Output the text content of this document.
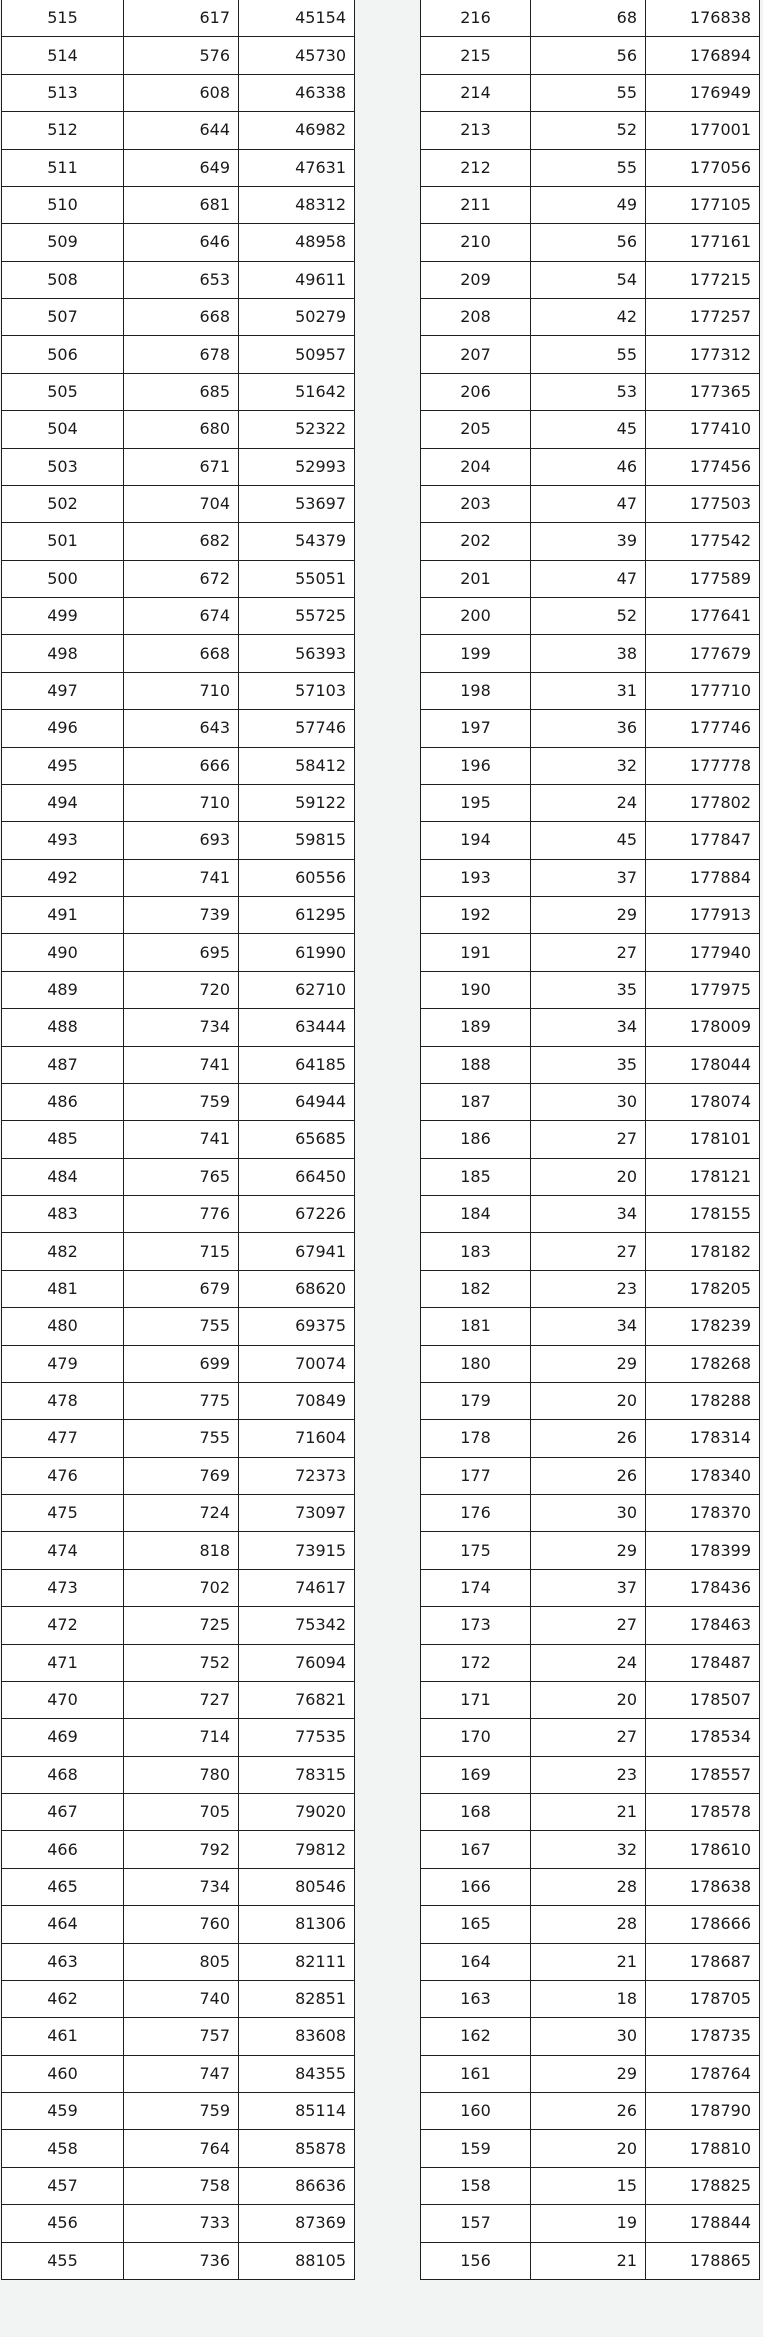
515	617	45154
514	576	45730
513	608	46338
512	644	46982
511	649	47631
510	681	48312
509	646	48958
508	653	49611
507	668	50279
506	678	50957
505	685	51642
504	680	52322
503	671	52993
502	704	53697
501	682	54379
500	672	55051
499	674	55725
498	668	56393
497	710	57103
496	643	57746
495	666	58412
494	710	59122
493	693	59815
492	741	60556
491	739	61295
490	695	61990
489	720	62710
488	734	63444
487	741	64185
486	759	64944
485	741	65685
484	765	66450
483	776	67226
482	715	67941
481	679	68620
480	755	69375
479	699	70074
478	775	70849
477	755	71604
476	769	72373
475	724	73097
474	818	73915
473	702	74617
472	725	75342
471	752	76094
470	727	76821
469	714	77535
468	780	78315
467	705	79020
466	792	79812
465	734	80546
464	760	81306
463	805	82111
462	740	82851
461	757	83608
460	747	84355
459	759	85114
458	764	85878
457	758	86636
456	733	87369
455	736	88105
216	68	176838
215	56	176894
214	55	176949
213	52	177001
212	55	177056
211	49	177105
210	56	177161
209	54	177215
208	42	177257
207	55	177312
206	53	177365
205	45	177410
204	46	177456
203	47	177503
202	39	177542
201	47	177589
200	52	177641
199	38	177679
198	31	177710
197	36	177746
196	32	177778
195	24	177802
194	45	177847
193	37	177884
192	29	177913
191	27	177940
190	35	177975
189	34	178009
188	35	178044
187	30	178074
186	27	178101
185	20	178121
184	34	178155
183	27	178182
182	23	178205
181	34	178239
180	29	178268
179	20	178288
178	26	178314
177	26	178340
176	30	178370
175	29	178399
174	37	178436
173	27	178463
172	24	178487
171	20	178507
170	27	178534
169	23	178557
168	21	178578
167	32	178610
166	28	178638
165	28	178666
164	21	178687
163	18	178705
162	30	178735
161	29	178764
160	26	178790
159	20	178810
158	15	178825
157	19	178844
156	21	178865
